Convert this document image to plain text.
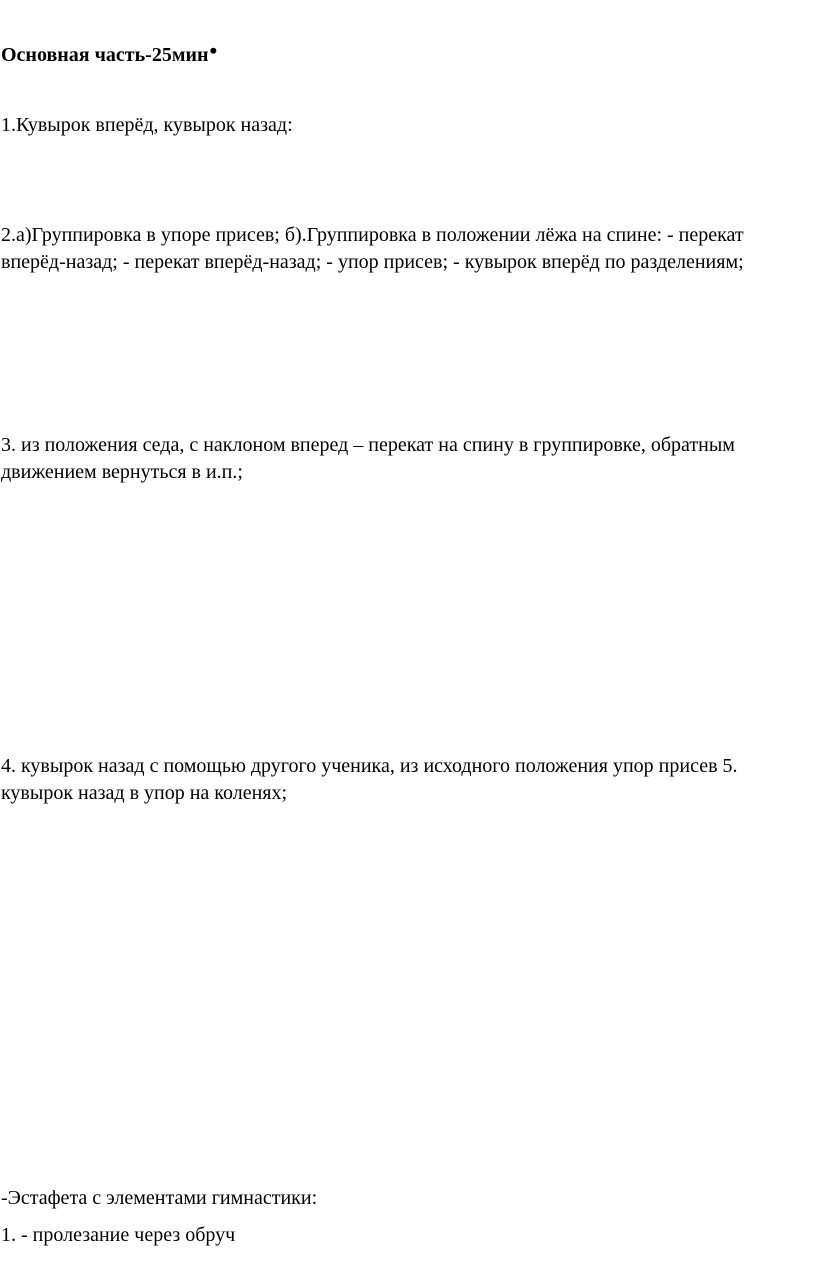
Основная часть-25мин•

1.Кувырок вперёд, кувырок назад:

2.а)Группировка в упоре присев; б).Группировка в положении лёжа на спине: - перекат
вперёд-назад; - перекат вперёд-назад; - упор присев; - кувырок вперёд по разделениям;
3. из положения седа, с наклоном вперед – перекат на спину в группировке, обратным
движением вернуться в и.п.;
4. кувырок назад с помощью другого ученика, из исходного положения упор присев 5.
кувырок назад в упор на коленях;

-Эстафета с элементами гимнастики:

1. - пролезание через обруч
